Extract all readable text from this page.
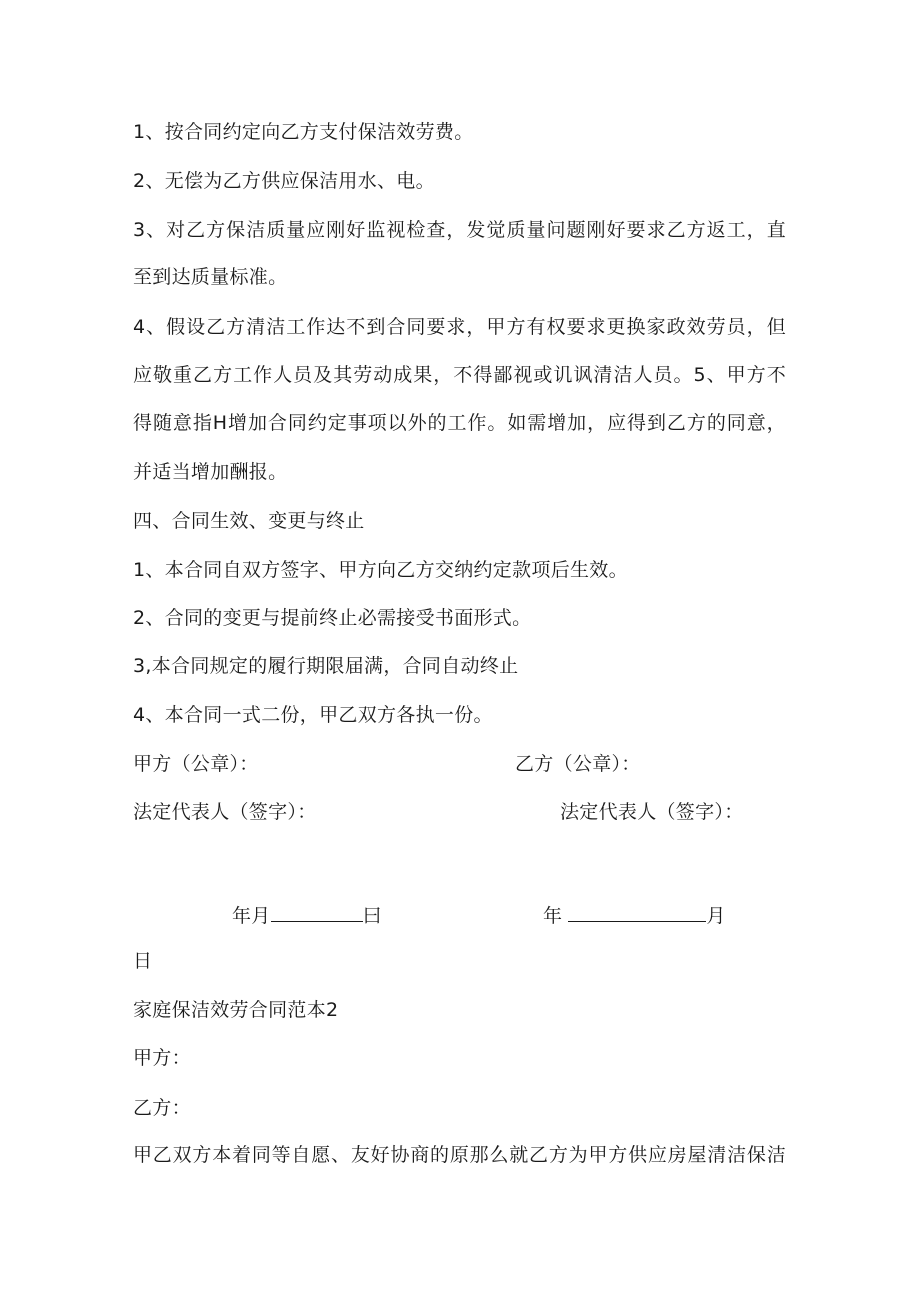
1、按合同约定向乙方支付保洁效劳费。
2、无偿为乙方供应保洁用水、电。
3、对乙方保洁质量应刚好监视检查，发觉质量问题刚好要求乙方返工，直
至到达质量标准。
4、假设乙方清洁工作达不到合同要求，甲方有权要求更换家政效劳员，但
应敬重乙方工作人员及其劳动成果，不得鄙视或讥讽清洁人员。5、甲方不
得随意指H增加合同约定事项以外的工作。如需增加，应得到乙方的同意，
并适当增加酬报。
四、合同生效、变更与终止
1、本合同自双方签字、甲方向乙方交纳约定款项后生效。
2、合同的变更与提前终止必需接受书面形式。
3,本合同规定的履行期限届满，合同自动终止
4、本合同一式二份，甲乙双方各执一份。
甲方（公章）：	乙方（公章）：
法定代表人（签字）：	法定代表人（签字）：
年月	曰	年	月
日
家庭保洁效劳合同范本2
甲方：
乙方：
甲乙双方本着同等自愿、友好协商的原那么就乙方为甲方供应房屋清洁保洁
